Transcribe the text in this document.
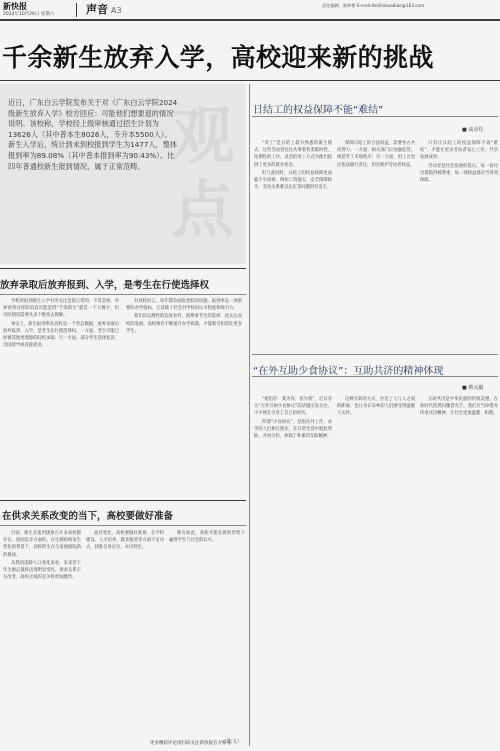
新快报
2024年10月26日 星期六	声音 A3
责任编辑：陈仲彬 E-mail:dashinkuaibao@163.com
千余新生放弃入学，高校迎来新的挑战
观
点
近日，广东白云学院发布关于对《广东白云学院2024级新生放弃入学》校方回应：可能他们想要退的情况说明。该校称，学校经上级审核通过招生计划为13626人（其中普本生8026人，专升本5500人）。新生入学后，统计到未到校报到学生为1477人，整体报到率为89.08%（其中普本报到率为90.43%）。比四年普通校新生报到情况，属于正常范畴。
放弃录取后放弃报到、入学，是考生在行使选择权

学校对报到新生入学有所关注是很正常的，不容忽视。外界看到这样的消息可能觉得“千余新生”就是一个大数字，但实际情况需要从多个维度去理解。

事实上，新生报到率在高校是一个常态数据，放弃录取后放弃报到、入学，是考生在行使选择权。一方面，考生可能已经被其他更理想的院校录取；另一方面，部分考生选择复读、出国留学或直接就业。

对高校而言，每年都会面临类似的问题。报到率是一项重要的办学指标，它反映了社会对学校的认可程度和吸引力。

我们应以理性的态度看待，既尊重考生的选择，也关注高校的发展。高校唯有不断提升办学质量，才能吸引和留住更多学生。

在供求关系改变的当下，高校要做好准备

目前，新生未报到现象在许多高校都存在，原因是多方面的。在生源结构发生变化的背景下，高校的生存与发展面临新的挑战。

从我国适龄人口变化来看，未来若干年生源总量将出现明显变化，供求关系正在改变，高校之间的竞争将更加激烈。

面对变化，高校要做好准备，在学科建设、人才培养、就业服务等方面下足功夫，找准自身定位，办出特色。

唯有如此，高校才能在新的形势下赢得学生与社会的认可。

（张文）
日结工的权益保障不能“难结”
■ 高亮任

“零工”是日结工最为熟悉的谋生模式，这些劳动者往往从事着各类临时性、短期性的工作，灵活的用工方式为他们提供了更多的就业机会。

但与此同时，日结工的权益保障也面临不少困难，例如工资拖欠、安全保障缺失、劳动关系难以认定等问题时有发生。

保障日结工的合法权益，需要各方共同努力。一方面，相关部门应加强监管，规范零工市场秩序；另一方面，用工方也应依法履行责任，切实维护劳动者权益。

只有让日结工的权益保障不再“难结”，才能让更多劳动者安心工作，共享发展成果。

劳动者是社会发展的基石，每一份付出都值得被尊重，每一项权益都应当得到保障。

“在外互助少食协议”：互助共济的精神体现
■ 蔡元毅

“相信你：我为你，你为我”，近日有关“在外互助少食协议”的话题引发关注，不少网友分享了自己的经历。

所谓“少食协议”，是指在外工作、求学的人们相互照应，在日常生活中彼此帮助、共同分担，体现了朴素的互助精神。

这种互助的方式，拉近了人与人之间的距离，也让身在异乡的人们感受到温暖与关怀。

互助共济是中华民族的传统美德，在新时代依然闪耀着光芒。我们应当珍惜并传承这份精神，让社会更加温暖、和谐。

更多精彩评论请扫码关注新快报官方账号
